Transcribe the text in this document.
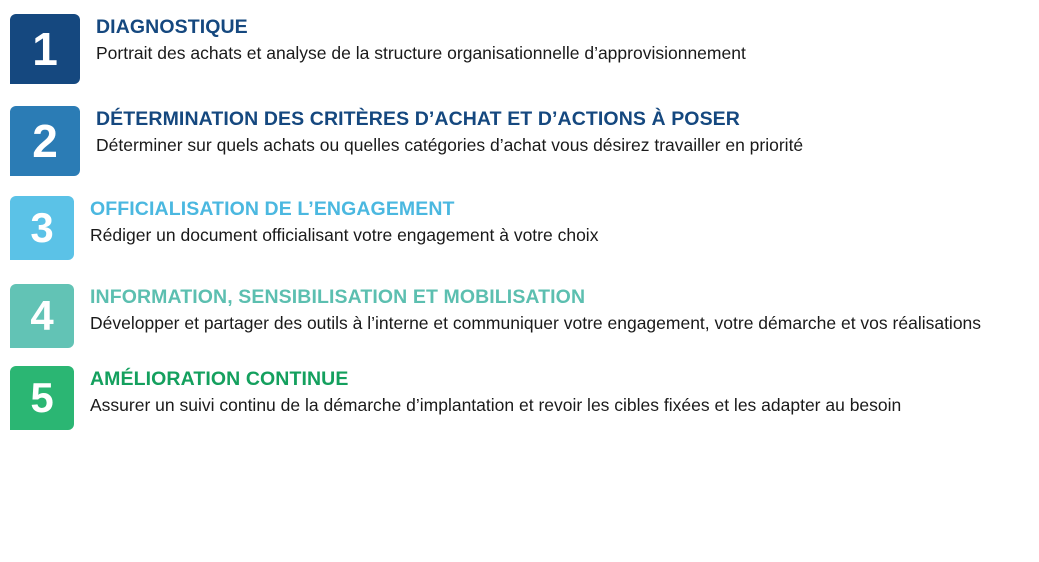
1	DIAGNOSTIQUE
Portrait des achats et analyse de la structure organisationnelle d’approvisionnement
2	DÉTERMINATION DES CRITÈRES D’ACHAT ET D’ACTIONS À POSER
Déterminer sur quels achats ou quelles catégories d’achat vous désirez travailler en priorité
3	OFFICIALISATION DE L’ENGAGEMENT
Rédiger un document officialisant votre engagement à votre choix
4	INFORMATION, SENSIBILISATION ET MOBILISATION
Développer et partager des outils à l’interne et communiquer votre engagement, votre démarche et vos réalisations
5	AMÉLIORATION CONTINUE
Assurer un suivi continu de la démarche d’implantation et revoir les cibles fixées et les adapter au besoin
